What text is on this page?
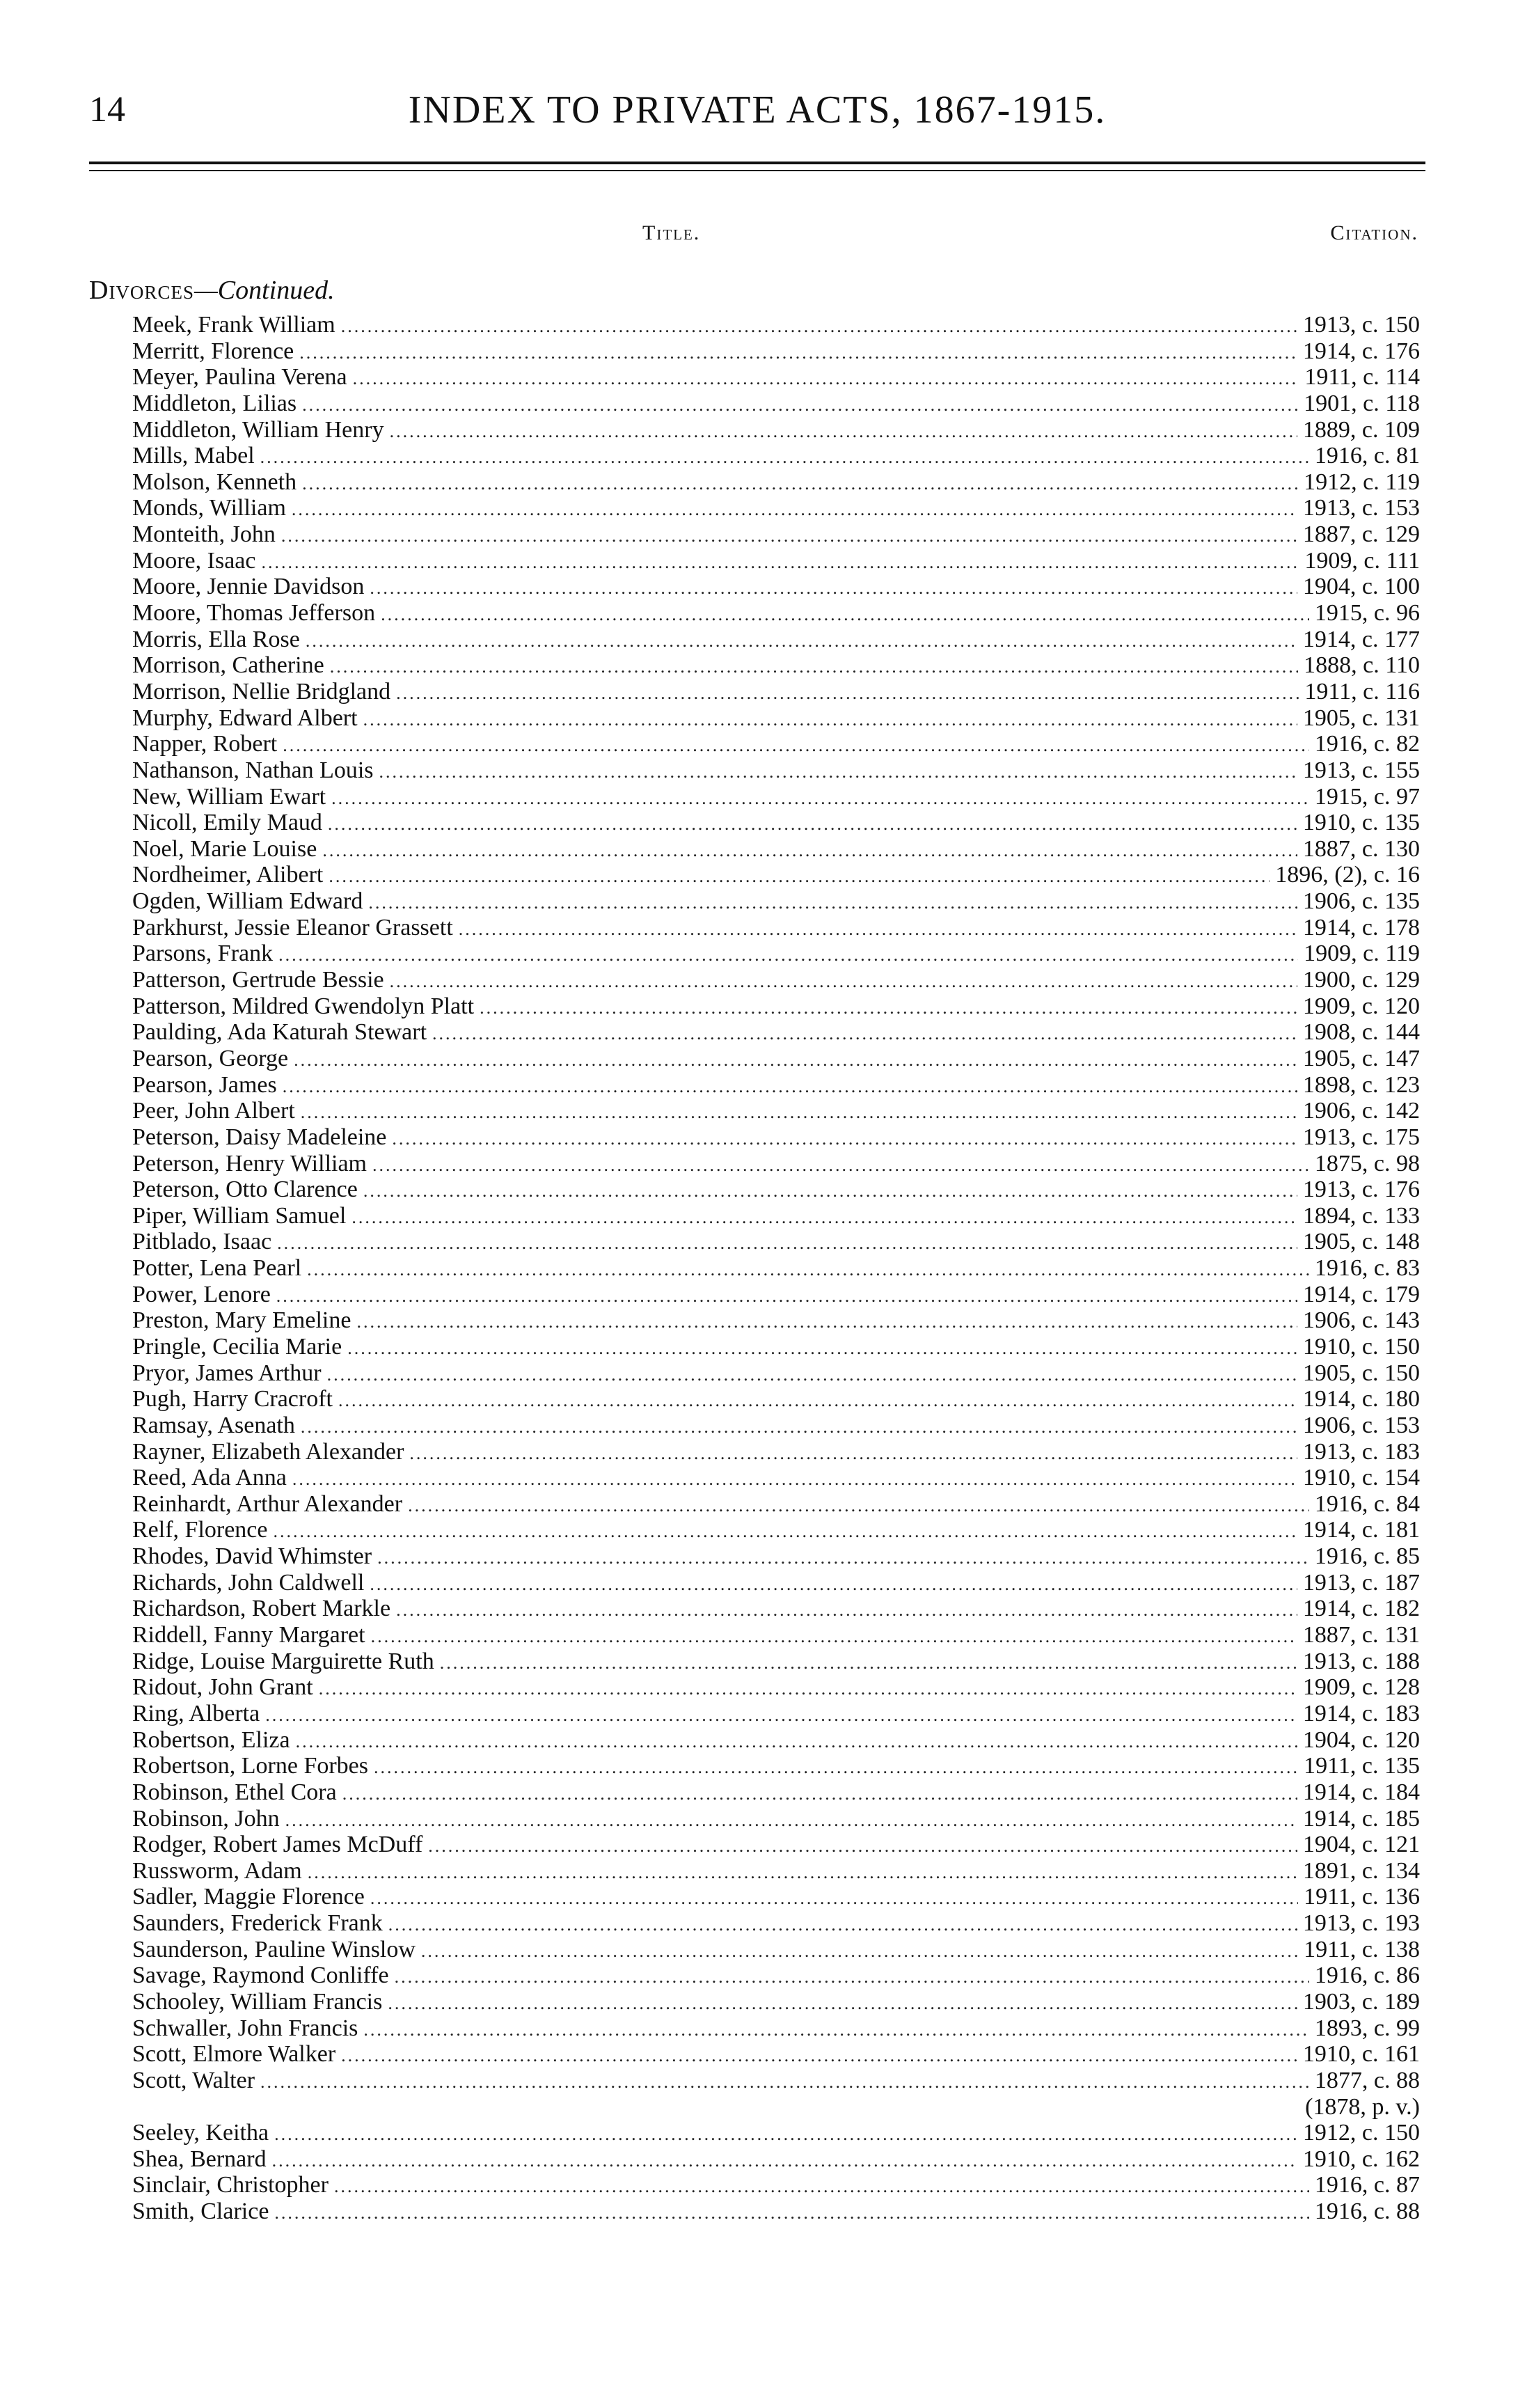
14	INDEX TO PRIVATE ACTS, 1867-1915.
Title.	Citation.
Divorces—Continued.
Meek, Frank William .....	1913, c. 150
Merritt, Florence .....	1914, c. 176
Meyer, Paulina Verena .....	1911, c. 114
Middleton, Lilias .....	1901, c. 118
Middleton, William Henry .....	1889, c. 109
Mills, Mabel .....	1916, c. 81
Molson, Kenneth .....	1912, c. 119
Monds, William .....	1913, c. 153
Monteith, John .....	1887, c. 129
Moore, Isaac .....	1909, c. 111
Moore, Jennie Davidson .....	1904, c. 100
Moore, Thomas Jefferson .....	1915, c. 96
Morris, Ella Rose .....	1914, c. 177
Morrison, Catherine .....	1888, c. 110
Morrison, Nellie Bridgland .....	1911, c. 116
Murphy, Edward Albert .....	1905, c. 131
Napper, Robert .....	1916, c. 82
Nathanson, Nathan Louis .....	1913, c. 155
New, William Ewart .....	1915, c. 97
Nicoll, Emily Maud .....	1910, c. 135
Noel, Marie Louise .....	1887, c. 130
Nordheimer, Alibert .....	1896, (2), c. 16
Ogden, William Edward .....	1906, c. 135
Parkhurst, Jessie Eleanor Grassett .....	1914, c. 178
Parsons, Frank .....	1909, c. 119
Patterson, Gertrude Bessie .....	1900, c. 129
Patterson, Mildred Gwendolyn Platt .....	1909, c. 120
Paulding, Ada Katurah Stewart .....	1908, c. 144
Pearson, George .....	1905, c. 147
Pearson, James .....	1898, c. 123
Peer, John Albert .....	1906, c. 142
Peterson, Daisy Madeleine .....	1913, c. 175
Peterson, Henry William .....	1875, c. 98
Peterson, Otto Clarence .....	1913, c. 176
Piper, William Samuel .....	1894, c. 133
Pitblado, Isaac .....	1905, c. 148
Potter, Lena Pearl .....	1916, c. 83
Power, Lenore .....	1914, c. 179
Preston, Mary Emeline .....	1906, c. 143
Pringle, Cecilia Marie .....	1910, c. 150
Pryor, James Arthur .....	1905, c. 150
Pugh, Harry Cracroft .....	1914, c. 180
Ramsay, Asenath .....	1906, c. 153
Rayner, Elizabeth Alexander .....	1913, c. 183
Reed, Ada Anna .....	1910, c. 154
Reinhardt, Arthur Alexander .....	1916, c. 84
Relf, Florence .....	1914, c. 181
Rhodes, David Whimster .....	1916, c. 85
Richards, John Caldwell .....	1913, c. 187
Richardson, Robert Markle .....	1914, c. 182
Riddell, Fanny Margaret .....	1887, c. 131
Ridge, Louise Marguirette Ruth .....	1913, c. 188
Ridout, John Grant .....	1909, c. 128
Ring, Alberta .....	1914, c. 183
Robertson, Eliza .....	1904, c. 120
Robertson, Lorne Forbes .....	1911, c. 135
Robinson, Ethel Cora .....	1914, c. 184
Robinson, John .....	1914, c. 185
Rodger, Robert James McDuff .....	1904, c. 121
Russworm, Adam .....	1891, c. 134
Sadler, Maggie Florence .....	1911, c. 136
Saunders, Frederick Frank .....	1913, c. 193
Saunderson, Pauline Winslow .....	1911, c. 138
Savage, Raymond Conliffe .....	1916, c. 86
Schooley, William Francis .....	1903, c. 189
Schwaller, John Francis .....	1893, c. 99
Scott, Elmore Walker .....	1910, c. 161
Scott, Walter .....	1877, c. 88
(1878, p. v.)
Seeley, Keitha .....	1912, c. 150
Shea, Bernard .....	1910, c. 162
Sinclair, Christopher .....	1916, c. 87
Smith, Clarice .....	1916, c. 88
